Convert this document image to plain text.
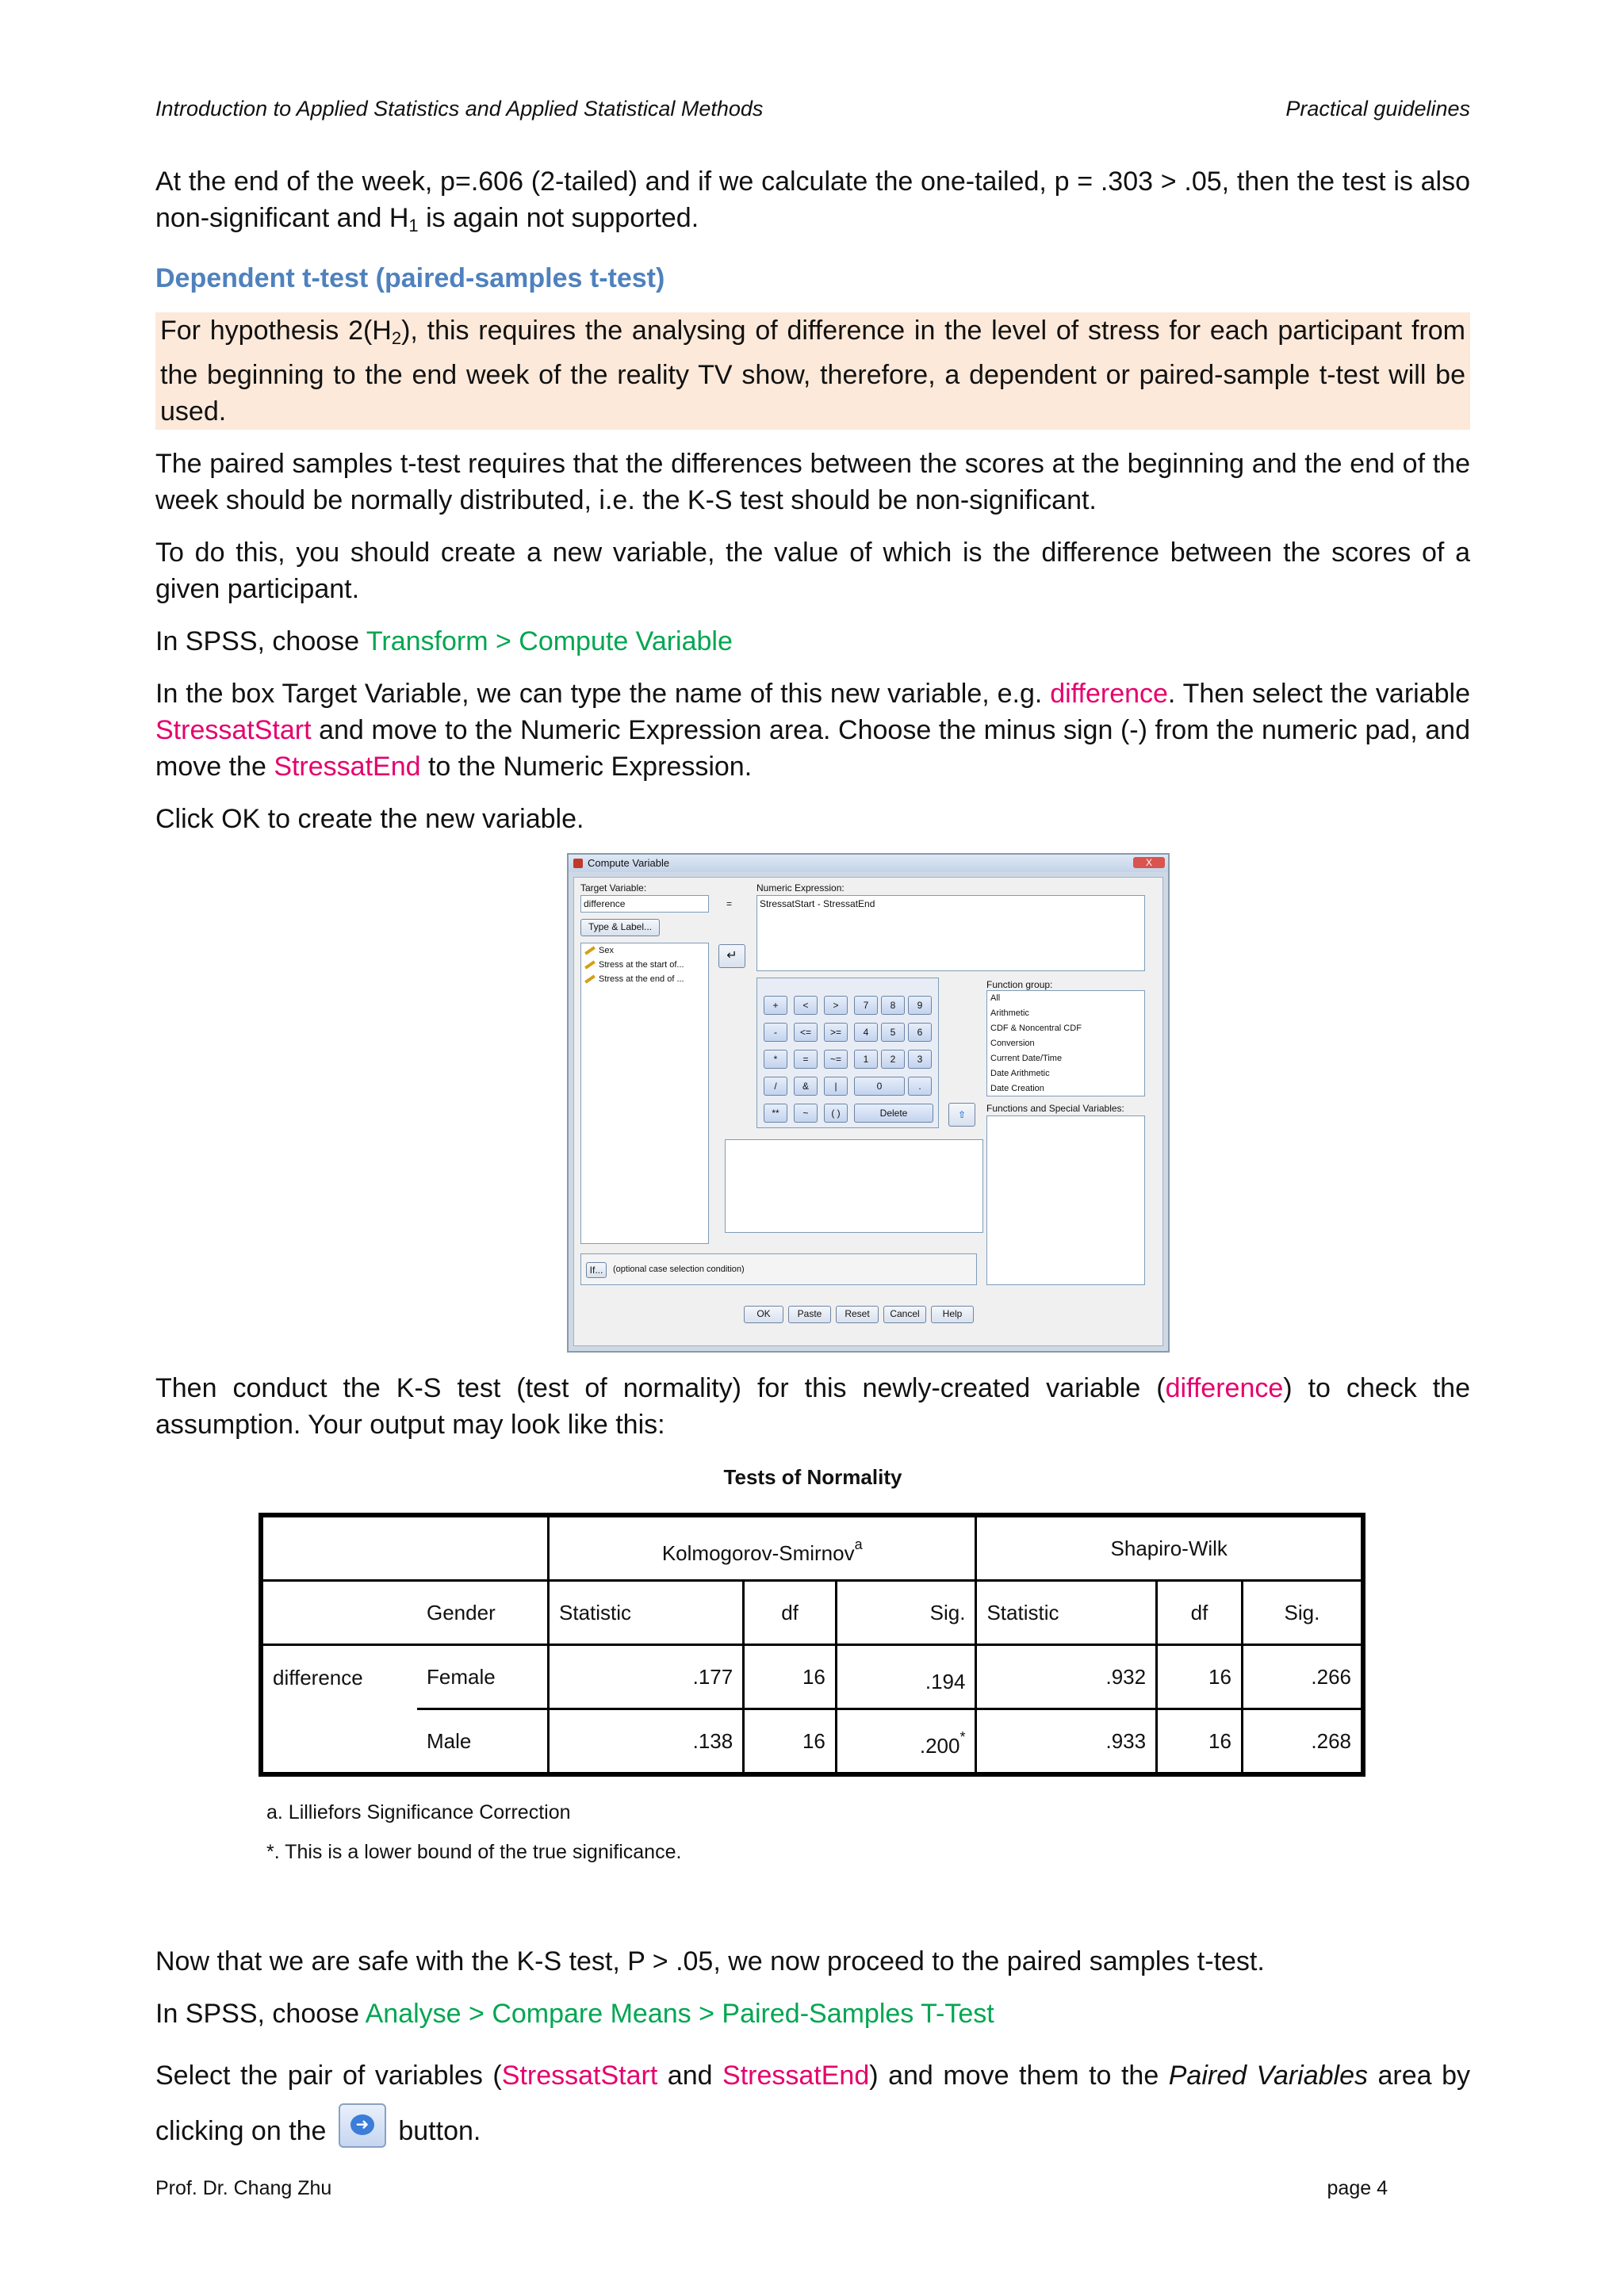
Introduction to Applied Statistics and Applied Statistical Methods	Practical guidelines

At the end of the week, p=.606 (2-tailed) and if we calculate the one-tailed, p = .303 > .05, then the test is also non-significant and $H_1$ is again not supported.

Dependent t-test (paired-samples t-test)

For hypothesis $2(H_2)$, this requires the analysing of difference in the level of stress for each participant from the beginning to the end week of the reality TV show, therefore, a dependent or paired-sample t-test will be used.

The paired samples t-test requires that the differences between the scores at the beginning and the end of the week should be normally distributed, i.e. the K-S test should be non-significant.

To do this, you should create a new variable, the value of which is the difference between the scores of a given participant.

In SPSS, choose Transform > Compute Variable

In the box Target Variable, we can type the name of this new variable, e.g. difference. Then select the variable StressatStart and move to the Numeric Expression area. Choose the minus sign (-) from the numeric pad, and move the StressatEnd to the Numeric Expression.

Click OK to create the new variable.

Compute Variable	X
Target Variable:
difference	=
Type & Label...
Sex
Stress at the start of...
Stress at the end of ...
↵
Numeric Expression:
StressatStart - StressatEnd
+	<	>	7	8	9
-	<=	>=	4	5	6
*	=	~=	1	2	3
/	&	|	0	.
**	~	( )	Delete	⇧
Function group:
All
Arithmetic
CDF & Noncentral CDF
Conversion
Current Date/Time
Date Arithmetic
Date Creation
Functions and Special Variables:
If...	(optional case selection condition)
OK	Paste	Reset	Cancel	Help

Then conduct the K-S test (test of normality) for this newly-created variable (difference) to check the assumption. Your output may look like this:

Tests of Normality
		Kolmogorov-Smirnov$^a$			Shapiro-Wilk		
	Gender	Statistic	df	Sig.	Statistic	df	Sig.
difference	Female	.177	16	.194	.932	16	.266
	Male	.138	16	.200*	.933	16	.268
a. Lilliefors Significance Correction
*. This is a lower bound of the true significance.

Now that we are safe with the K-S test, P > .05, we now proceed to the paired samples t-test.

In SPSS, choose Analyse > Compare Means > Paired-Samples T-Test

Select the pair of variables (StressatStart and StressatEnd) and move them to the Paired Variables area by clicking on the	➜ button.

Prof. Dr. Chang Zhu	page 4
